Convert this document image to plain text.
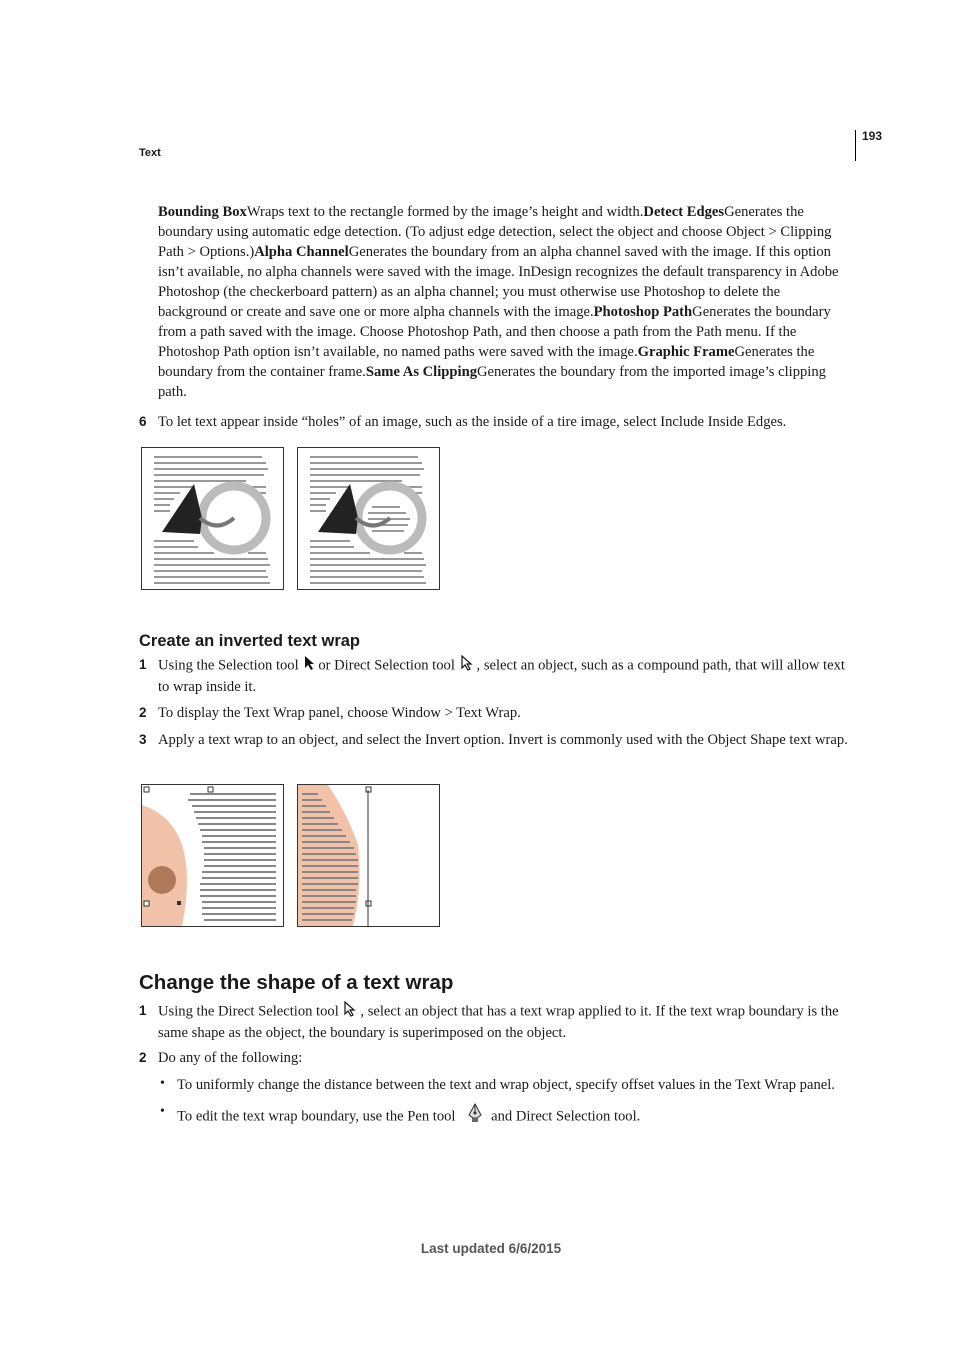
193
Text
Bounding BoxWraps text to the rectangle formed by the image’s height and width.Detect EdgesGenerates the boundary using automatic edge detection. (To adjust edge detection, select the object and choose Object > Clipping Path > Options.)Alpha ChannelGenerates the boundary from an alpha channel saved with the image. If this option isn’t available, no alpha channels were saved with the image. InDesign recognizes the default transparency in Adobe Photoshop (the checkerboard pattern) as an alpha channel; you must otherwise use Photoshop to delete the background or create and save one or more alpha channels with the image.Photoshop PathGenerates the boundary from a path saved with the image. Choose Photoshop Path, and then choose a path from the Path menu. If the Photoshop Path option isn’t available, no named paths were saved with the image.Graphic FrameGenerates the boundary from the container frame.Same As ClippingGenerates the boundary from the imported image’s clipping path.
6 To let text appear inside “holes” of an image, such as the inside of a tire image, select Include Inside Edges.
Create an inverted text wrap
1 Using the Selection tool or Direct Selection tool , select an object, such as a compound path, that will allow text to wrap inside it.
2 To display the Text Wrap panel, choose Window > Text Wrap.
3 Apply a text wrap to an object, and select the Invert option. Invert is commonly used with the Object Shape text wrap.
Change the shape of a text wrap
1 Using the Direct Selection tool , select an object that has a text wrap applied to it. If the text wrap boundary is the same shape as the object, the boundary is superimposed on the object.
2 Do any of the following:
• To uniformly change the distance between the text and wrap object, specify offset values in the Text Wrap panel.
• To edit the text wrap boundary, use the Pen tool and Direct Selection tool.
Last updated 6/6/2015
